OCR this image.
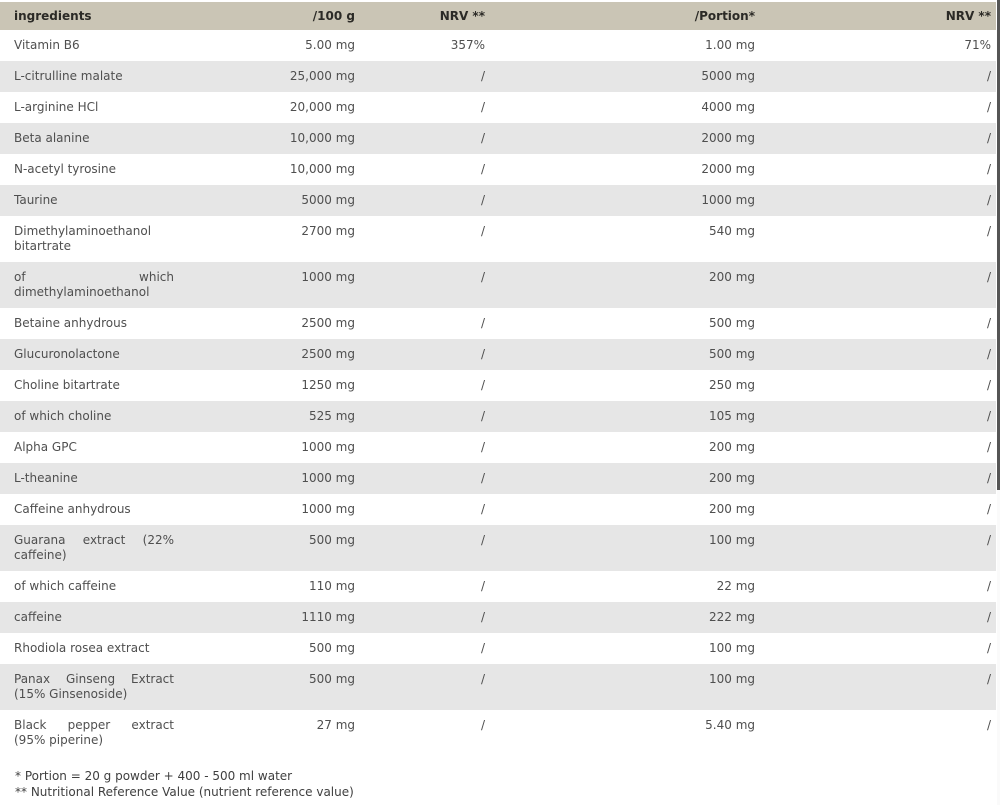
ingredients	/100 g	NRV **	/Portion*	NRV **

Vitamin B6	5.00 mg	357%	1.00 mg	71%

L-citrulline malate	25,000 mg	/	5000 mg	/

L-arginine HCl	20,000 mg	/	4000 mg	/

Beta alanine	10,000 mg	/	2000 mg	/

N-acetyl tyrosine	10,000 mg	/	2000 mg	/

Taurine	5000 mg	/	1000 mg	/

Dimethylaminoethanol bitartrate	2700 mg	/	540 mg	/

of which dimethylaminoethanol	1000 mg	/	200 mg	/

Betaine anhydrous	2500 mg	/	500 mg	/

Glucuronolactone	2500 mg	/	500 mg	/

Choline bitartrate	1250 mg	/	250 mg	/

of which choline	525 mg	/	105 mg	/

Alpha GPC	1000 mg	/	200 mg	/

L-theanine	1000 mg	/	200 mg	/

Caffeine anhydrous	1000 mg	/	200 mg	/

Guarana extract (22% caffeine)	500 mg	/	100 mg	/

of which caffeine	110 mg	/	22 mg	/

caffeine	1110 mg	/	222 mg	/

Rhodiola rosea extract	500 mg	/	100 mg	/

Panax Ginseng Extract (15% Ginsenoside)	500 mg	/	100 mg	/

Black pepper extract (95% piperine)	27 mg	/	5.40 mg	/
* Portion = 20 g powder + 400 - 500 ml water
** Nutritional Reference Value (nutrient reference value)
